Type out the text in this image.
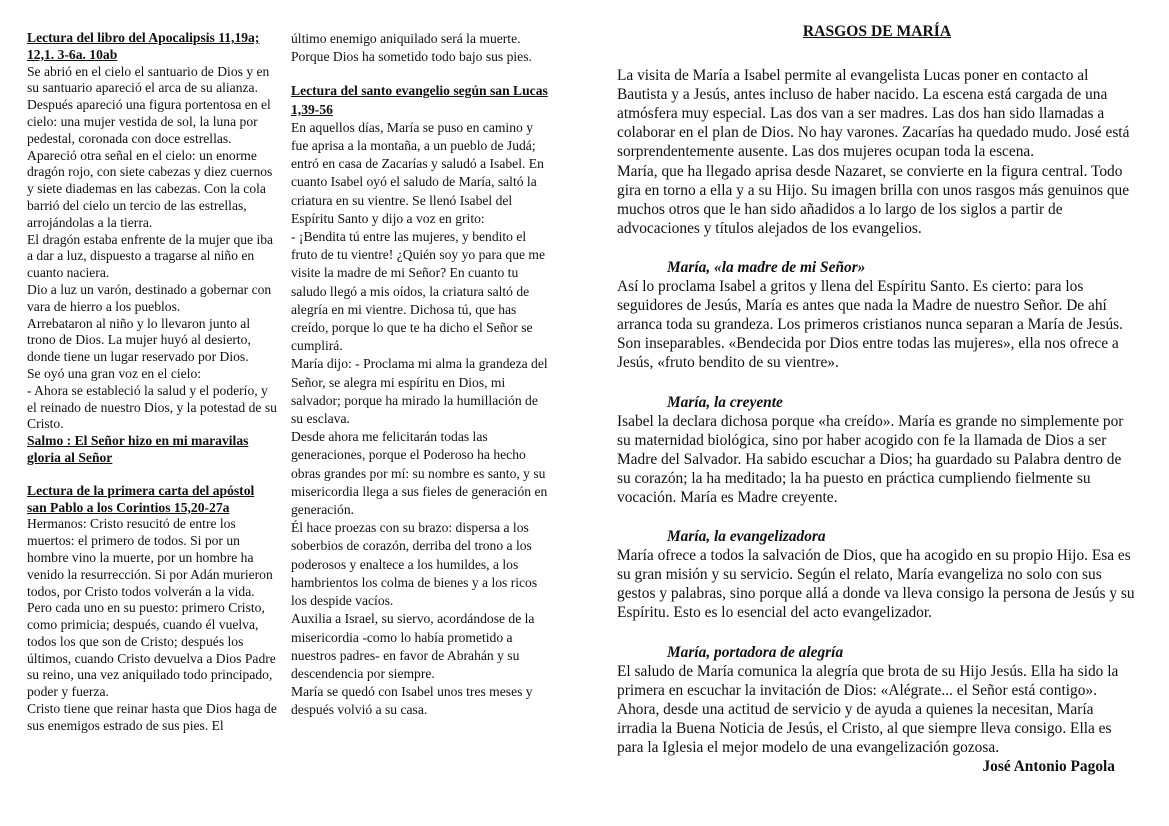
Lectura del libro del Apocalipsis 11,19a; 12,1. 3-6a. 10ab

Se abrió en el cielo el santuario de Dios y en su santuario apareció el arca de su alianza. Después apareció una figura portentosa en el cielo: una mujer vestida de sol, la luna por pedestal, coronada con doce estrellas.

Apareció otra señal en el cielo: un enorme dragón rojo, con siete cabezas y diez cuernos y siete diademas en las cabezas. Con la cola barrió del cielo un tercio de las estrellas, arrojándolas a la tierra.

El dragón estaba enfrente de la mujer que iba a dar a luz, dispuesto a tragarse al niño en cuanto naciera.

Dio a luz un varón, destinado a gobernar con vara de hierro a los pueblos.

Arrebataron al niño y lo llevaron junto al trono de Dios. La mujer huyó al desierto, donde tiene un lugar reservado por Dios.

Se oyó una gran voz en el cielo:

- Ahora se estableció la salud y el poderío, y el reinado de nuestro Dios, y la potestad de su Cristo.

Salmo : El Señor hizo en mi maravilas gloria al Señor

Lectura de la primera carta del apóstol san Pablo a los Corintios 15,20-27a

Hermanos: Cristo resucitó de entre los muertos: el primero de todos. Si por un hombre vino la muerte, por un hombre ha venido la resurrección. Si por Adán murieron todos, por Cristo todos volverán a la vida.

Pero cada uno en su puesto: primero Cristo, como primicia; después, cuando él vuelva, todos los que son de Cristo; después los últimos, cuando Cristo devuelva a Dios Padre su reino, una vez aniquilado todo principado, poder y fuerza.

Cristo tiene que reinar hasta que Dios haga de sus enemigos estrado de sus pies. El

último enemigo aniquilado será la muerte.

Porque Dios ha sometido todo bajo sus pies.

Lectura del santo evangelio según san Lucas 1,39-56

En aquellos días, María se puso en camino y fue aprisa a la montaña, a un pueblo de Judá; entró en casa de Zacarías y saludó a Isabel. En cuanto Isabel oyó el saludo de María, saltó la criatura en su vientre. Se llenó Isabel del Espíritu Santo y dijo a voz en grito:

- ¡Bendita tú entre las mujeres, y bendito el fruto de tu vientre! ¿Quién soy yo para que me visite la madre de mi Señor? En cuanto tu saludo llegó a mis oídos, la criatura saltó de alegría en mi vientre. Dichosa tú, que has creído, porque lo que te ha dicho el Señor se cumplirá.

María dijo: - Proclama mi alma la grandeza del Señor, se alegra mi espíritu en Dios, mi salvador; porque ha mirado la humillación de su esclava.

Desde ahora me felicitarán todas las generaciones, porque el Poderoso ha hecho obras grandes por mí: su nombre es santo, y su misericordia llega a sus fieles de generación en generación.

Él hace proezas con su brazo: dispersa a los soberbios de corazón, derriba del trono a los poderosos y enaltece a los humildes, a los hambrientos los colma de bienes y a los ricos los despide vacíos.

Auxilia a Israel, su siervo, acordándose de la misericordia -como lo había prometido a nuestros padres- en favor de Abrahán y su descendencia por siempre.

María se quedó con Isabel unos tres meses y después volvió a su casa.

RASGOS DE MARÍA

La visita de María a Isabel permite al evangelista Lucas poner en contacto al Bautista y a Jesús, antes incluso de haber nacido. La escena está cargada de una atmósfera muy especial. Las dos van a ser madres. Las dos han sido llamadas a colaborar en el plan de Dios. No hay varones. Zacarías ha quedado mudo. José está sorprendentemente ausente. Las dos mujeres ocupan toda la escena.

María, que ha llegado aprisa desde Nazaret, se convierte en la figura central. Todo gira en torno a ella y a su Hijo. Su imagen brilla con unos rasgos más genuinos que muchos otros que le han sido añadidos a lo largo de los siglos a partir de advocaciones y títulos alejados de los evangelios.

María, «la madre de mi Señor»

Así lo proclama Isabel a gritos y llena del Espíritu Santo. Es cierto: para los seguidores de Jesús, María es antes que nada la Madre de nuestro Señor. De ahí arranca toda su grandeza. Los primeros cristianos nunca separan a María de Jesús. Son inseparables. «Bendecida por Dios entre todas las mujeres», ella nos ofrece a Jesús, «fruto bendito de su vientre».

María, la creyente

Isabel la declara dichosa porque «ha creído». María es grande no simplemente por su maternidad biológica, sino por haber acogido con fe la llamada de Dios a ser Madre del Salvador. Ha sabido escuchar a Dios; ha guardado su Palabra dentro de su corazón; la ha meditado; la ha puesto en práctica cumpliendo fielmente su vocación. María es Madre creyente.

María, la evangelizadora

María ofrece a todos la salvación de Dios, que ha acogido en su propio Hijo. Esa es su gran misión y su servicio. Según el relato, María evangeliza no solo con sus gestos y palabras, sino porque allá a donde va lleva consigo la persona de Jesús y su Espíritu. Esto es lo esencial del acto evangelizador.

María, portadora de alegría

El saludo de María comunica la alegría que brota de su Hijo Jesús. Ella ha sido la primera en escuchar la invitación de Dios: «Alégrate... el Señor está contigo». Ahora, desde una actitud de servicio y de ayuda a quienes la necesitan, María irradia la Buena Noticia de Jesús, el Cristo, al que siempre lleva consigo. Ella es para la Iglesia el mejor modelo de una evangelización gozosa.
José Antonio Pagola
